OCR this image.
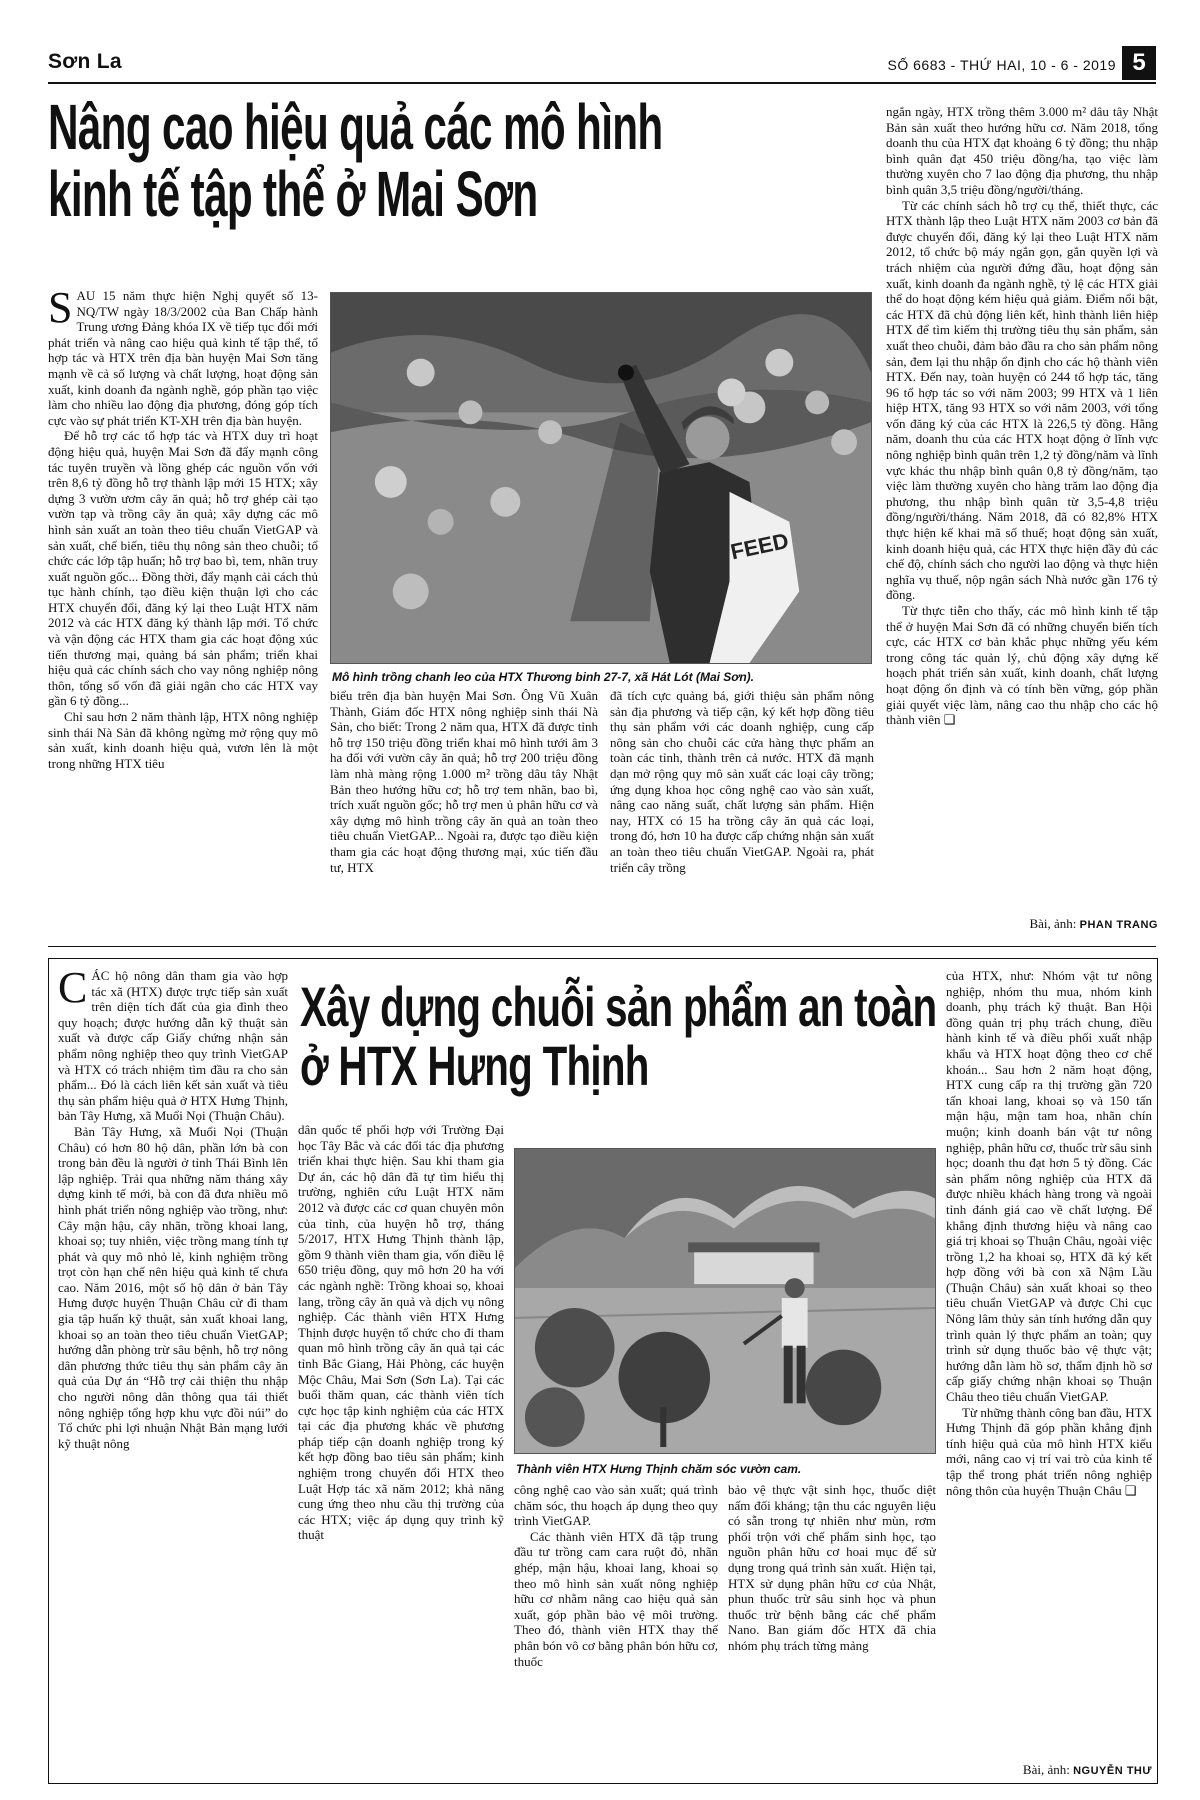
Sơn La	SỐ 6683 - THỨ HAI, 10 - 6 - 2019 5
Nâng cao hiệu quả các mô hình
kinh tế tập thể ở Mai Sơn

SAU 15 năm thực hiện Nghị quyết số 13-NQ/TW ngày 18/3/2002 của Ban Chấp hành Trung ương Đảng khóa IX về tiếp tục đổi mới phát triển và nâng cao hiệu quả kinh tế tập thể, tổ hợp tác và HTX trên địa bàn huyện Mai Sơn tăng mạnh về cả số lượng và chất lượng, hoạt động sản xuất, kinh doanh đa ngành nghề, góp phần tạo việc làm cho nhiều lao động địa phương, đóng góp tích cực vào sự phát triển KT-XH trên địa bàn huyện.

Để hỗ trợ các tổ hợp tác và HTX duy trì hoạt động hiệu quả, huyện Mai Sơn đã đẩy mạnh công tác tuyên truyền và lồng ghép các nguồn vốn với trên 8,6 tỷ đồng hỗ trợ thành lập mới 15 HTX; xây dựng 3 vườn ươm cây ăn quả; hỗ trợ ghép cải tạo vườn tạp và trồng cây ăn quả; xây dựng các mô hình sản xuất an toàn theo tiêu chuẩn VietGAP và sản xuất, chế biến, tiêu thụ nông sản theo chuỗi; tổ chức các lớp tập huấn; hỗ trợ bao bì, tem, nhãn truy xuất nguồn gốc... Đồng thời, đẩy mạnh cải cách thủ tục hành chính, tạo điều kiện thuận lợi cho các HTX chuyển đổi, đăng ký lại theo Luật HTX năm 2012 và các HTX đăng ký thành lập mới. Tổ chức và vận động các HTX tham gia các hoạt động xúc tiến thương mại, quảng bá sản phẩm; triển khai hiệu quả các chính sách cho vay nông nghiệp nông thôn, tổng số vốn đã giải ngân cho các HTX vay gần 6 tỷ đồng...

Chỉ sau hơn 2 năm thành lập, HTX nông nghiệp sinh thái Nà Sản đã không ngừng mở rộng quy mô sản xuất, kinh doanh hiệu quả, vươn lên là một trong những HTX tiêu

FEED
Mô hình trồng chanh leo của HTX Thương binh 27-7, xã Hát Lót (Mai Sơn).

biểu trên địa bàn huyện Mai Sơn. Ông Vũ Xuân Thành, Giám đốc HTX nông nghiệp sinh thái Nà Sản, cho biết: Trong 2 năm qua, HTX đã được tỉnh hỗ trợ 150 triệu đồng triển khai mô hình tưới âm 3 ha đối với vườn cây ăn quả; hỗ trợ 200 triệu đồng làm nhà màng rộng 1.000 m² trồng dâu tây Nhật Bản theo hướng hữu cơ; hỗ trợ tem nhãn, bao bì, trích xuất nguồn gốc; hỗ trợ men ủ phân hữu cơ và xây dựng mô hình trồng cây ăn quả an toàn theo tiêu chuẩn VietGAP... Ngoài ra, được tạo điều kiện tham gia các hoạt động thương mại, xúc tiến đầu tư, HTX

đã tích cực quảng bá, giới thiệu sản phẩm nông sản địa phương và tiếp cận, ký kết hợp đồng tiêu thụ sản phẩm với các doanh nghiệp, cung cấp nông sản cho chuỗi các cửa hàng thực phẩm an toàn các tỉnh, thành trên cả nước. HTX đã mạnh dạn mở rộng quy mô sản xuất các loại cây trồng; ứng dụng khoa học công nghệ cao vào sản xuất, nâng cao năng suất, chất lượng sản phẩm. Hiện nay, HTX có 15 ha trồng cây ăn quả các loại, trong đó, hơn 10 ha được cấp chứng nhận sản xuất an toàn theo tiêu chuẩn VietGAP. Ngoài ra, phát triển cây trồng

ngắn ngày, HTX trồng thêm 3.000 m² dâu tây Nhật Bản sản xuất theo hướng hữu cơ. Năm 2018, tổng doanh thu của HTX đạt khoảng 6 tỷ đồng; thu nhập bình quân đạt 450 triệu đồng/ha, tạo việc làm thường xuyên cho 7 lao động địa phương, thu nhập bình quân 3,5 triệu đồng/người/tháng.

Từ các chính sách hỗ trợ cụ thể, thiết thực, các HTX thành lập theo Luật HTX năm 2003 cơ bản đã được chuyển đổi, đăng ký lại theo Luật HTX năm 2012, tổ chức bộ máy ngắn gọn, gắn quyền lợi và trách nhiệm của người đứng đầu, hoạt động sản xuất, kinh doanh đa ngành nghề, tỷ lệ các HTX giải thể do hoạt động kém hiệu quả giảm. Điểm nổi bật, các HTX đã chủ động liên kết, hình thành liên hiệp HTX để tìm kiếm thị trường tiêu thụ sản phẩm, sản xuất theo chuỗi, đảm bảo đầu ra cho sản phẩm nông sản, đem lại thu nhập ổn định cho các hộ thành viên HTX. Đến nay, toàn huyện có 244 tổ hợp tác, tăng 96 tổ hợp tác so với năm 2003; 99 HTX và 1 liên hiệp HTX, tăng 93 HTX so với năm 2003, với tổng vốn đăng ký của các HTX là 226,5 tỷ đồng. Hằng năm, doanh thu của các HTX hoạt động ở lĩnh vực nông nghiệp bình quân trên 1,2 tỷ đồng/năm và lĩnh vực khác thu nhập bình quân 0,8 tỷ đồng/năm, tạo việc làm thường xuyên cho hàng trăm lao động địa phương, thu nhập bình quân từ 3,5-4,8 triệu đồng/người/tháng. Năm 2018, đã có 82,8% HTX thực hiện kế khai mã số thuế; hoạt động sản xuất, kinh doanh hiệu quả, các HTX thực hiện đầy đủ các chế độ, chính sách cho người lao động và thực hiện nghĩa vụ thuế, nộp ngân sách Nhà nước gần 176 tỷ đồng.

Từ thực tiễn cho thấy, các mô hình kinh tế tập thể ở huyện Mai Sơn đã có những chuyển biến tích cực, các HTX cơ bản khắc phục những yếu kém trong công tác quản lý, chủ động xây dựng kế hoạch phát triển sản xuất, kinh doanh, chất lượng hoạt động ổn định và có tính bền vững, góp phần giải quyết việc làm, nâng cao thu nhập cho các hộ thành viên ❑

Bài, ảnh: PHAN TRANG
Xây dựng chuỗi sản phẩm an toàn
ở HTX Hưng Thịnh

CÁC hộ nông dân tham gia vào hợp tác xã (HTX) được trực tiếp sản xuất trên diện tích đất của gia đình theo quy hoạch; được hướng dẫn kỹ thuật sản xuất và được cấp Giấy chứng nhận sản phẩm nông nghiệp theo quy trình VietGAP và HTX có trách nhiệm tìm đầu ra cho sản phẩm... Đó là cách liên kết sản xuất và tiêu thụ sản phẩm hiệu quả ở HTX Hưng Thịnh, bản Tây Hưng, xã Muổi Nọi (Thuận Châu).

Bản Tây Hưng, xã Muổi Nọi (Thuận Châu) có hơn 80 hộ dân, phần lớn bà con trong bản đều là người ở tỉnh Thái Bình lên lập nghiệp. Trải qua những năm tháng xây dựng kinh tế mới, bà con đã đưa nhiều mô hình phát triển nông nghiệp vào trồng, như: Cây mận hậu, cây nhãn, trồng khoai lang, khoai sọ; tuy nhiên, việc trồng mang tính tự phát và quy mô nhỏ lẻ, kinh nghiệm trồng trọt còn hạn chế nên hiệu quả kinh tế chưa cao. Năm 2016, một số hộ dân ở bản Tây Hưng được huyện Thuận Châu cử đi tham gia tập huấn kỹ thuật, sản xuất khoai lang, khoai sọ an toàn theo tiêu chuẩn VietGAP; hướng dẫn phòng trừ sâu bệnh, hỗ trợ nông dân phương thức tiêu thụ sản phẩm cây ăn quả của Dự án “Hỗ trợ cải thiện thu nhập cho người nông dân thông qua tái thiết nông nghiệp tổng hợp khu vực đồi núi” do Tổ chức phi lợi nhuận Nhật Bản mạng lưới kỹ thuật nông

dân quốc tế phối hợp với Trường Đại học Tây Bắc và các đối tác địa phương triển khai thực hiện. Sau khi tham gia Dự án, các hộ dân đã tự tìm hiểu thị trường, nghiên cứu Luật HTX năm 2012 và được các cơ quan chuyên môn của tỉnh, của huyện hỗ trợ, tháng 5/2017, HTX Hưng Thịnh thành lập, gồm 9 thành viên tham gia, vốn điều lệ 650 triệu đồng, quy mô hơn 20 ha với các ngành nghề: Trồng khoai sọ, khoai lang, trồng cây ăn quả và dịch vụ nông nghiệp. Các thành viên HTX Hưng Thịnh được huyện tổ chức cho đi tham quan mô hình trồng cây ăn quả tại các tỉnh Bắc Giang, Hải Phòng, các huyện Mộc Châu, Mai Sơn (Sơn La). Tại các buổi thăm quan, các thành viên tích cực học tập kinh nghiệm của các HTX tại các địa phương khác về phương pháp tiếp cận doanh nghiệp trong ký kết hợp đồng bao tiêu sản phẩm; kinh nghiệm trong chuyển đổi HTX theo Luật Hợp tác xã năm 2012; khả năng cung ứng theo nhu cầu thị trường của các HTX; việc áp dụng quy trình kỹ thuật

Thành viên HTX Hưng Thịnh chăm sóc vườn cam.

công nghệ cao vào sản xuất; quá trình chăm sóc, thu hoạch áp dụng theo quy trình VietGAP.

Các thành viên HTX đã tập trung đầu tư trồng cam cara ruột đỏ, nhãn ghép, mận hậu, khoai lang, khoai sọ theo mô hình sản xuất nông nghiệp hữu cơ nhằm nâng cao hiệu quả sản xuất, góp phần bảo vệ môi trường. Theo đó, thành viên HTX thay thế phân bón vô cơ bằng phân bón hữu cơ, thuốc

bảo vệ thực vật sinh học, thuốc diệt nấm đối kháng; tận thu các nguyên liệu có sẵn trong tự nhiên như mùn, rơm phối trộn với chế phẩm sinh học, tạo nguồn phân hữu cơ hoai mục để sử dụng trong quá trình sản xuất. Hiện tại, HTX sử dụng phân hữu cơ của Nhật, phun thuốc trừ sâu sinh học và phun thuốc trừ bệnh bằng các chế phẩm Nano. Ban giám đốc HTX đã chia nhóm phụ trách từng mảng

của HTX, như: Nhóm vật tư nông nghiệp, nhóm thu mua, nhóm kinh doanh, phụ trách kỹ thuật. Ban Hội đồng quản trị phụ trách chung, điều hành kinh tế và điều phối xuất nhập khẩu và HTX hoạt động theo cơ chế khoán... Sau hơn 2 năm hoạt động, HTX cung cấp ra thị trường gần 720 tấn khoai lang, khoai sọ và 150 tấn mận hậu, mận tam hoa, nhãn chín muộn; kinh doanh bán vật tư nông nghiệp, phân hữu cơ, thuốc trừ sâu sinh học; doanh thu đạt hơn 5 tỷ đồng. Các sản phẩm nông nghiệp của HTX đã được nhiều khách hàng trong và ngoài tỉnh đánh giá cao về chất lượng. Để khẳng định thương hiệu và nâng cao giá trị khoai sọ Thuận Châu, ngoài việc trồng 1,2 ha khoai sọ, HTX đã ký kết hợp đồng với bà con xã Nậm Lầu (Thuận Châu) sản xuất khoai sọ theo tiêu chuẩn VietGAP và được Chi cục Nông lâm thủy sản tính hướng dẫn quy trình quản lý thực phẩm an toàn; quy trình sử dụng thuốc bảo vệ thực vật; hướng dẫn làm hồ sơ, thẩm định hồ sơ cấp giấy chứng nhận khoai sọ Thuận Châu theo tiêu chuẩn VietGAP.

Từ những thành công ban đầu, HTX Hưng Thịnh đã góp phần khẳng định tính hiệu quả của mô hình HTX kiểu mới, nâng cao vị trí vai trò của kinh tế tập thể trong phát triển nông nghiệp nông thôn của huyện Thuận Châu ❑

Bài, ảnh: NGUYỄN THƯ
